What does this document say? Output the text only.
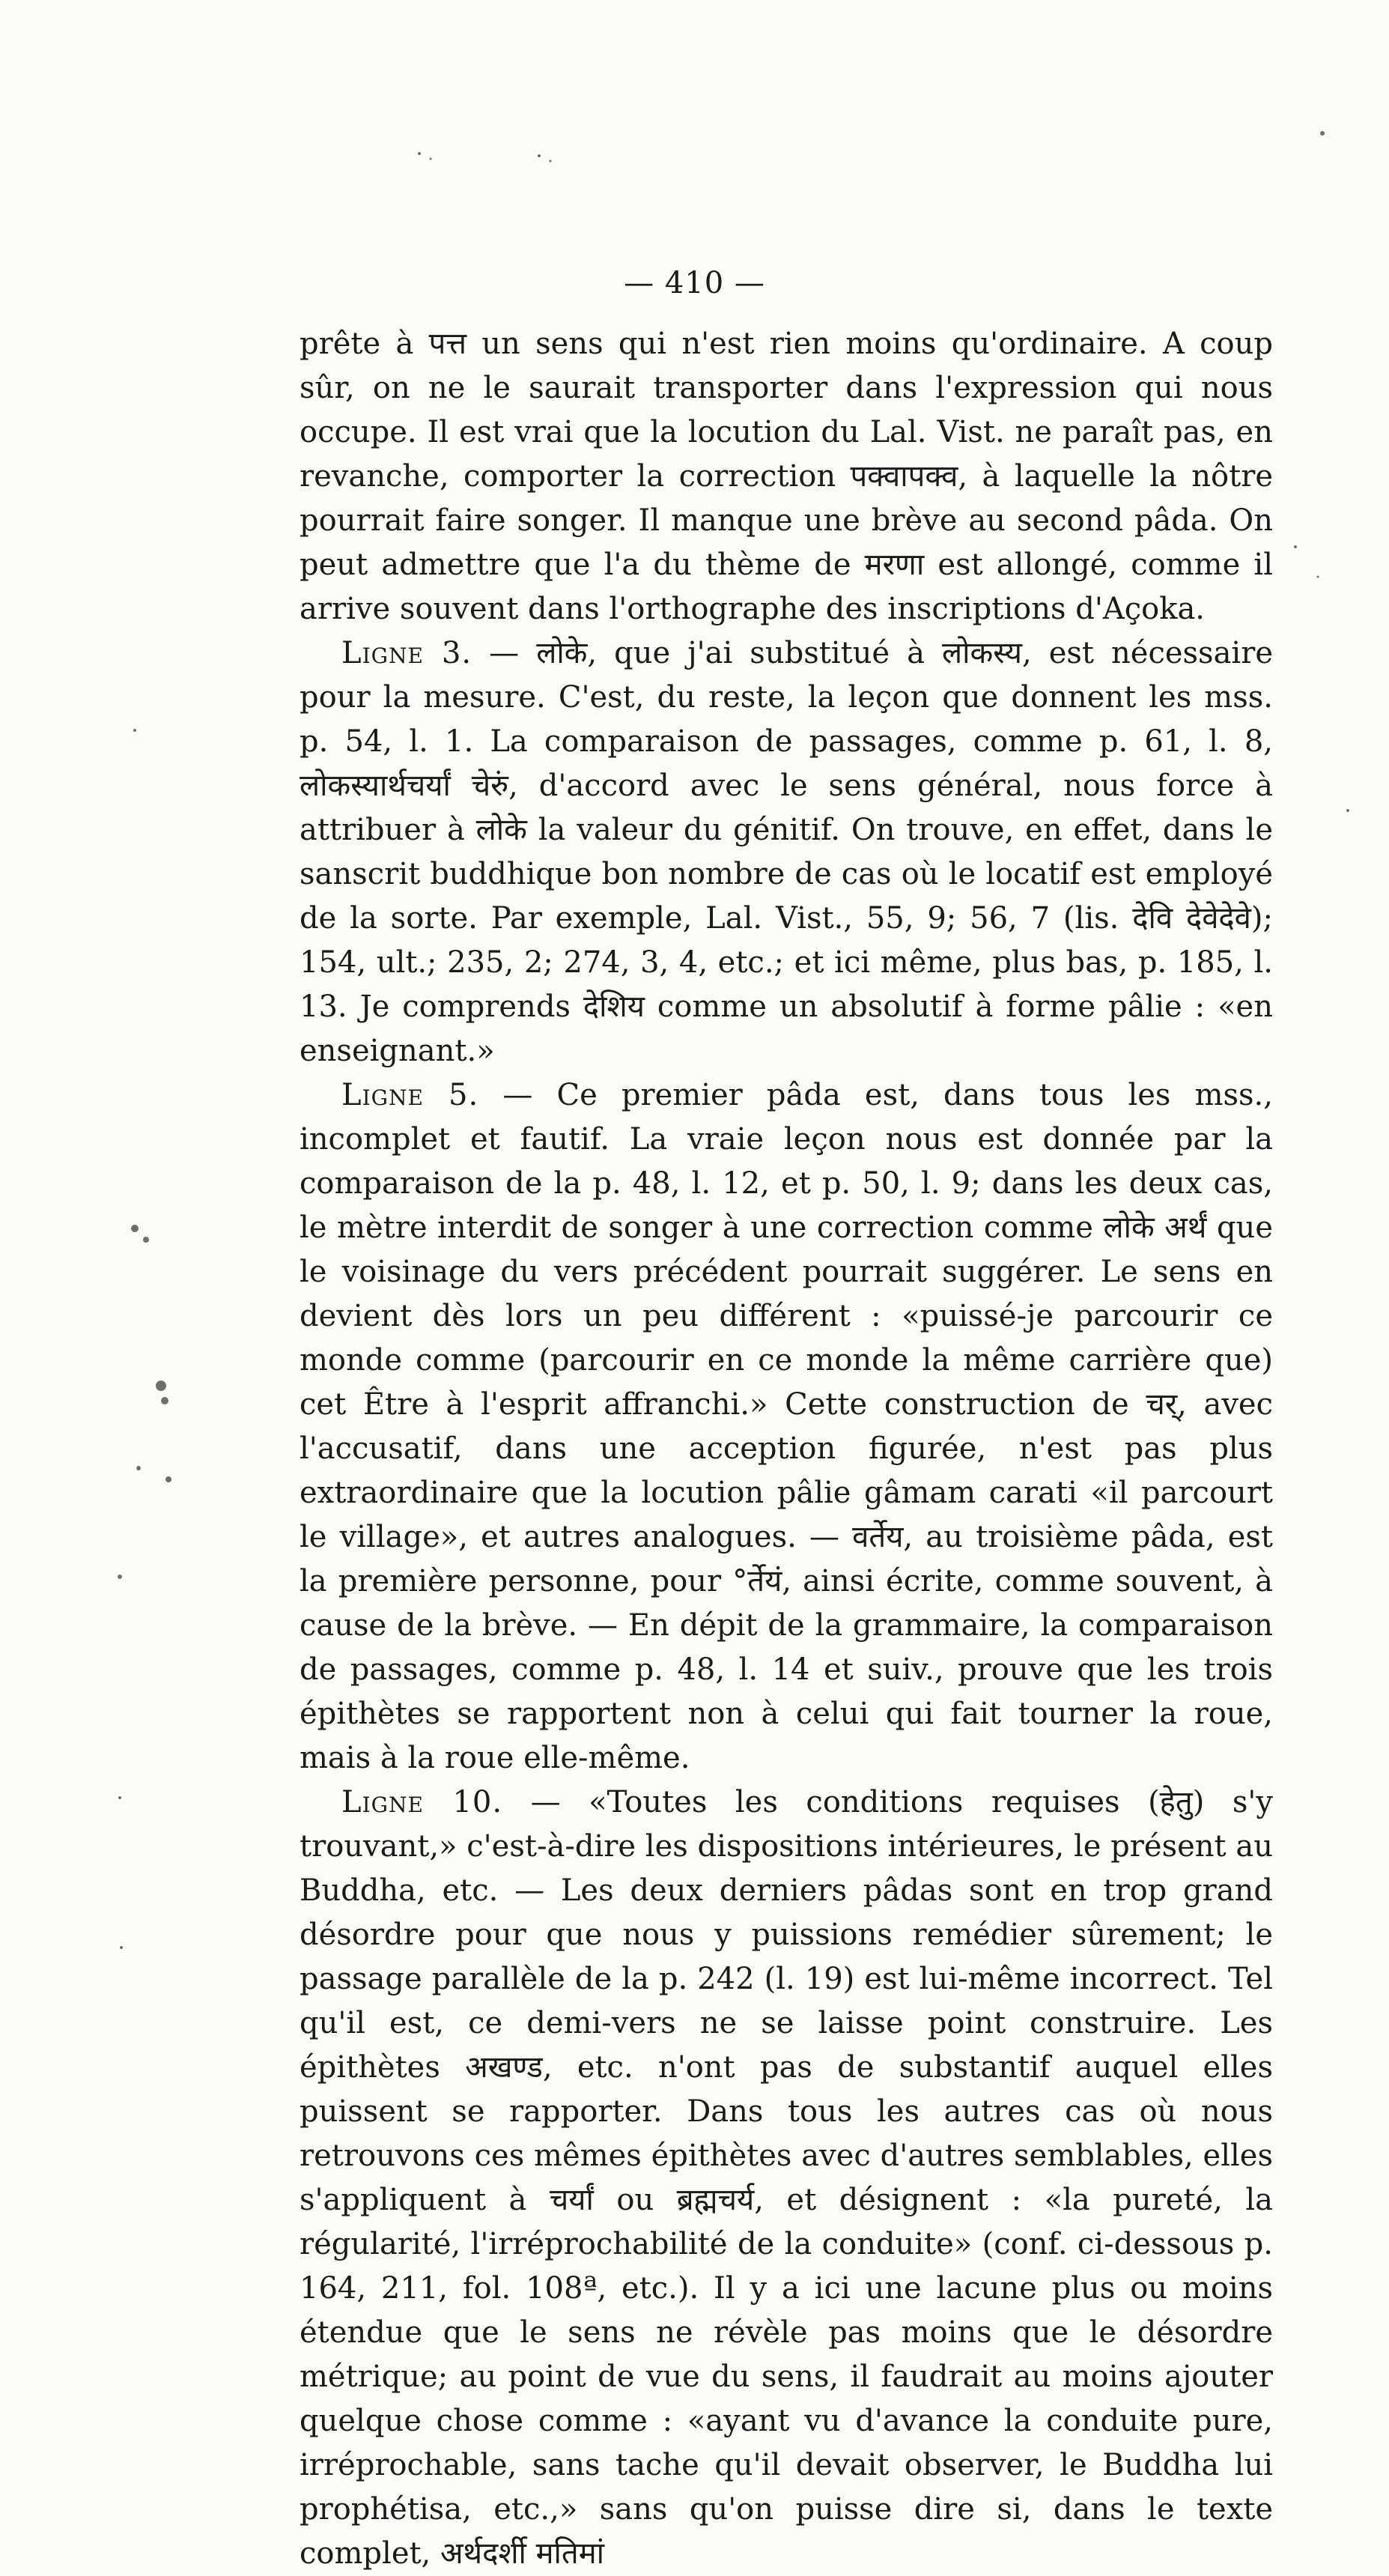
— 410 —

prête à पत्त un sens qui n'est rien moins qu'ordinaire. A coup sûr, on ne le saurait transporter dans l'expression qui nous occupe. Il est vrai que la locution du Lal. Vist. ne paraît pas, en revanche, comporter la correction पक्वापक्व, à laquelle la nôtre pourrait faire songer. Il manque une brève au second pâda. On peut admettre que l'a du thème de मरणा est allongé, comme il arrive souvent dans l'orthographe des inscriptions d'Açoka.

Ligne 3. — लोके, que j'ai substitué à लोकस्य, est nécessaire pour la mesure. C'est, du reste, la leçon que donnent les mss. p. 54, l. 1. La comparaison de passages, comme p. 61, l. 8, लोकस्यार्थचर्यां चेरुं, d'accord avec le sens général, nous force à attribuer à लोके la valeur du génitif. On trouve, en effet, dans le sanscrit buddhique bon nombre de cas où le locatif est employé de la sorte. Par exemple, Lal. Vist., 55, 9; 56, 7 (lis. देवि देवेदेवे); 154, ult.; 235, 2; 274, 3, 4, etc.; et ici même, plus bas, p. 185, l. 13. Je comprends देशिय comme un absolutif à forme pâlie : «en enseignant.»

Ligne 5. — Ce premier pâda est, dans tous les mss., incomplet et fautif. La vraie leçon nous est donnée par la comparaison de la p. 48, l. 12, et p. 50, l. 9; dans les deux cas, le mètre interdit de songer à une correction comme लोके अर्थं que le voisinage du vers précédent pourrait suggérer. Le sens en devient dès lors un peu différent : «puissé-je parcourir ce monde comme (parcourir en ce monde la même carrière que) cet Être à l'esprit affranchi.» Cette construction de चर्, avec l'accusatif, dans une acception figurée, n'est pas plus extraordinaire que la locution pâlie gâmam carati «il parcourt le village», et autres analogues. — वर्तेय, au troisième pâda, est la première personne, pour °र्तेयं, ainsi écrite, comme souvent, à cause de la brève. — En dépit de la grammaire, la comparaison de passages, comme p. 48, l. 14 et suiv., prouve que les trois épithètes se rapportent non à celui qui fait tourner la roue, mais à la roue elle-même.

Ligne 10. — «Toutes les conditions requises (हेतु) s'y trouvant,» c'est-à-dire les dispositions intérieures, le présent au Buddha, etc. — Les deux derniers pâdas sont en trop grand désordre pour que nous y puissions remédier sûrement; le passage parallèle de la p. 242 (l. 19) est lui-même incorrect. Tel qu'il est, ce demi-vers ne se laisse point construire. Les épithètes अखण्ड, etc. n'ont pas de substantif auquel elles puissent se rapporter. Dans tous les autres cas où nous retrouvons ces mêmes épithètes avec d'autres semblables, elles s'appliquent à चर्यां ou ब्रह्मचर्य, et désignent : «la pureté, la régularité, l'irréprochabilité de la conduite» (conf. ci-dessous p. 164, 211, fol. 108ª, etc.). Il y a ici une lacune plus ou moins étendue que le sens ne révèle pas moins que le désordre métrique; au point de vue du sens, il faudrait au moins ajouter quelque chose comme : «ayant vu d'avance la conduite pure, irréprochable, sans tache qu'il devait observer, le Buddha lui prophétisa, etc.,» sans qu'on puisse dire si, dans le texte complet, अर्थदर्शी मतिमां
